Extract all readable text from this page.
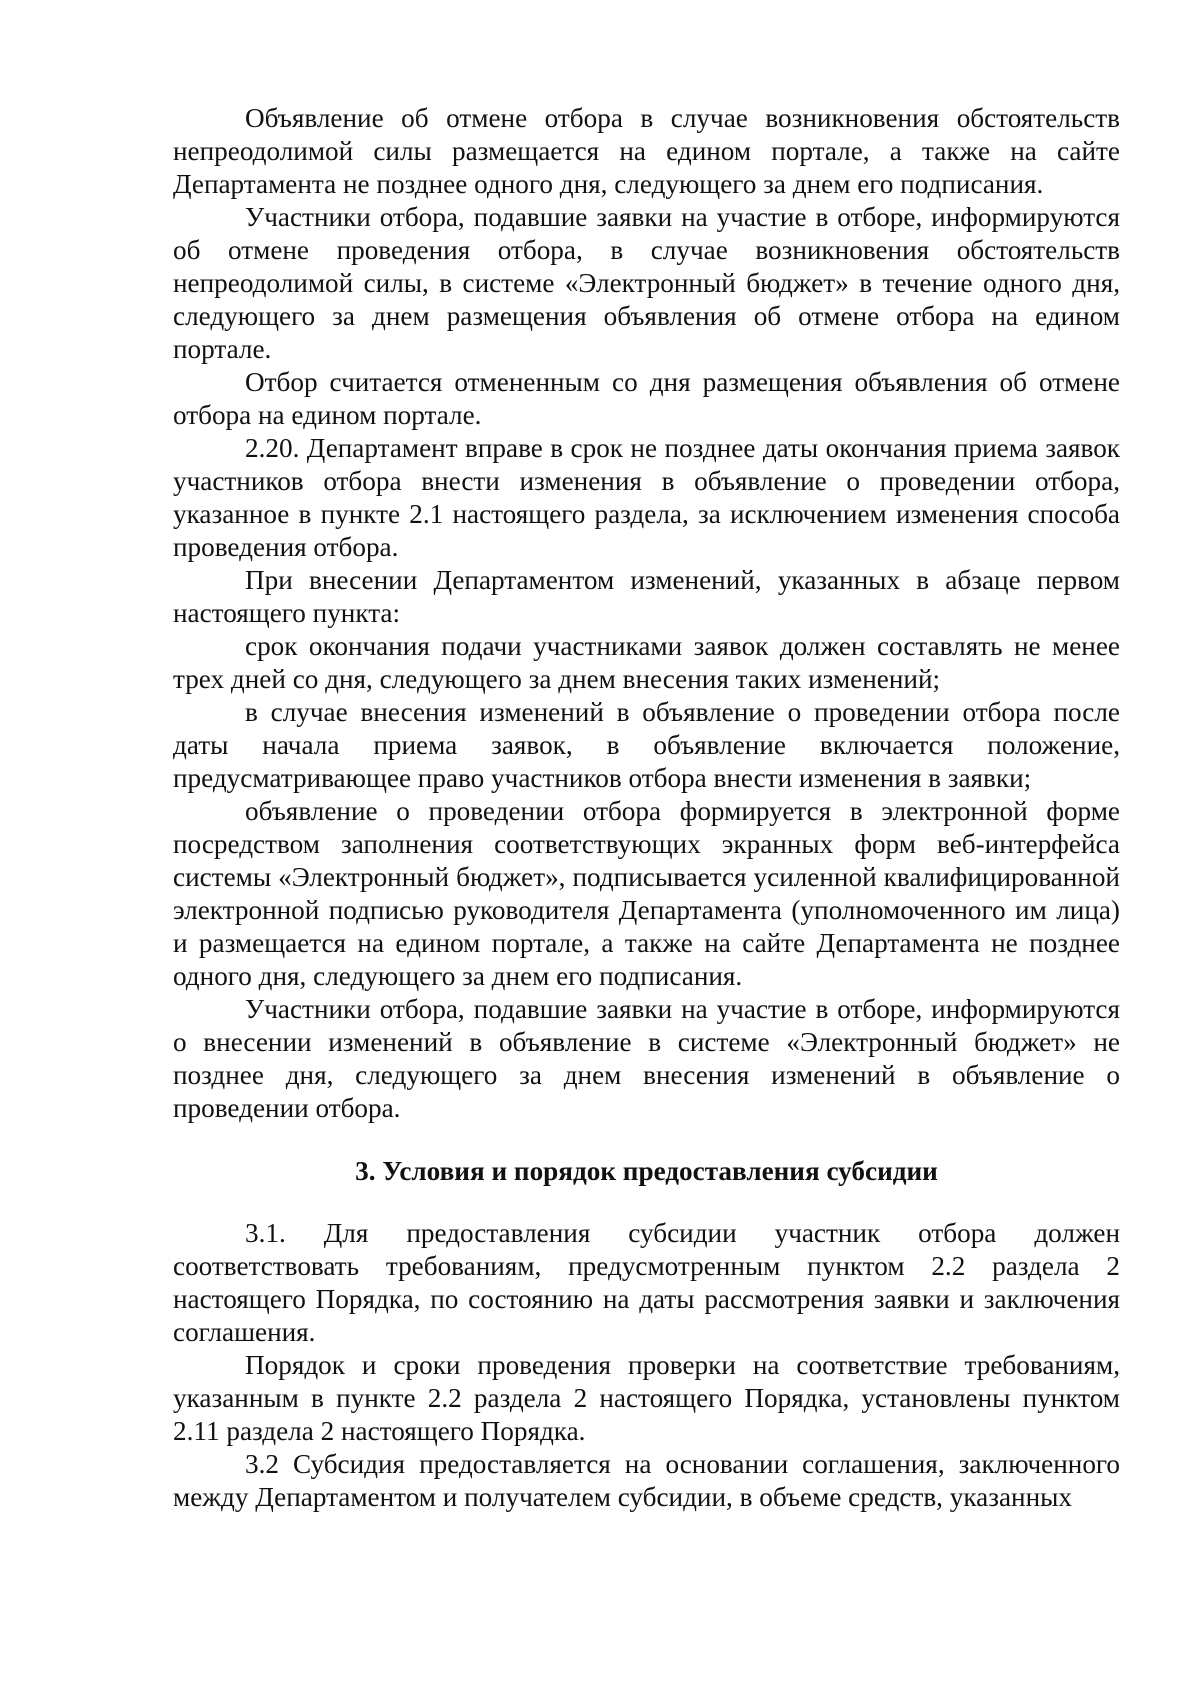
Объявление об отмене отбора в случае возникновения обстоятельств непреодолимой силы размещается на едином портале, а также на сайте Департамента не позднее одного дня, следующего за днем его подписания.

Участники отбора, подавшие заявки на участие в отборе, информируются об отмене проведения отбора, в случае возникновения обстоятельств непреодолимой силы, в системе «Электронный бюджет» в течение одного дня, следующего за днем размещения объявления об отмене отбора на едином портале.

Отбор считается отмененным со дня размещения объявления об отмене отбора на едином портале.

2.20. Департамент вправе в срок не позднее даты окончания приема заявок участников отбора внести изменения в объявление о проведении отбора, указанное в пункте 2.1 настоящего раздела, за исключением изменения способа проведения отбора.

При внесении Департаментом изменений, указанных в абзаце первом настоящего пункта:

срок окончания подачи участниками заявок должен составлять не менее трех дней со дня, следующего за днем внесения таких изменений;

в случае внесения изменений в объявление о проведении отбора после даты начала приема заявок, в объявление включается положение, предусматривающее право участников отбора внести изменения в заявки;

объявление о проведении отбора формируется в электронной форме посредством заполнения соответствующих экранных форм веб-интерфейса системы «Электронный бюджет», подписывается усиленной квалифицированной электронной подписью руководителя Департамента (уполномоченного им лица) и размещается на едином портале, а также на сайте Департамента не позднее одного дня, следующего за днем его подписания.

Участники отбора, подавшие заявки на участие в отборе, информируются о внесении изменений в объявление в системе «Электронный бюджет» не позднее дня, следующего за днем внесения изменений в объявление о проведении отбора.

3. Условия и порядок предоставления субсидии

3.1. Для предоставления субсидии участник отбора должен соответствовать требованиям, предусмотренным пунктом 2.2 раздела 2 настоящего Порядка, по состоянию на даты рассмотрения заявки и заключения соглашения.

Порядок и сроки проведения проверки на соответствие требованиям, указанным в пункте 2.2 раздела 2 настоящего Порядка, установлены пунктом 2.11 раздела 2 настоящего Порядка.

3.2 Субсидия предоставляется на основании соглашения, заключенного между Департаментом и получателем субсидии, в объеме средств, указанных
